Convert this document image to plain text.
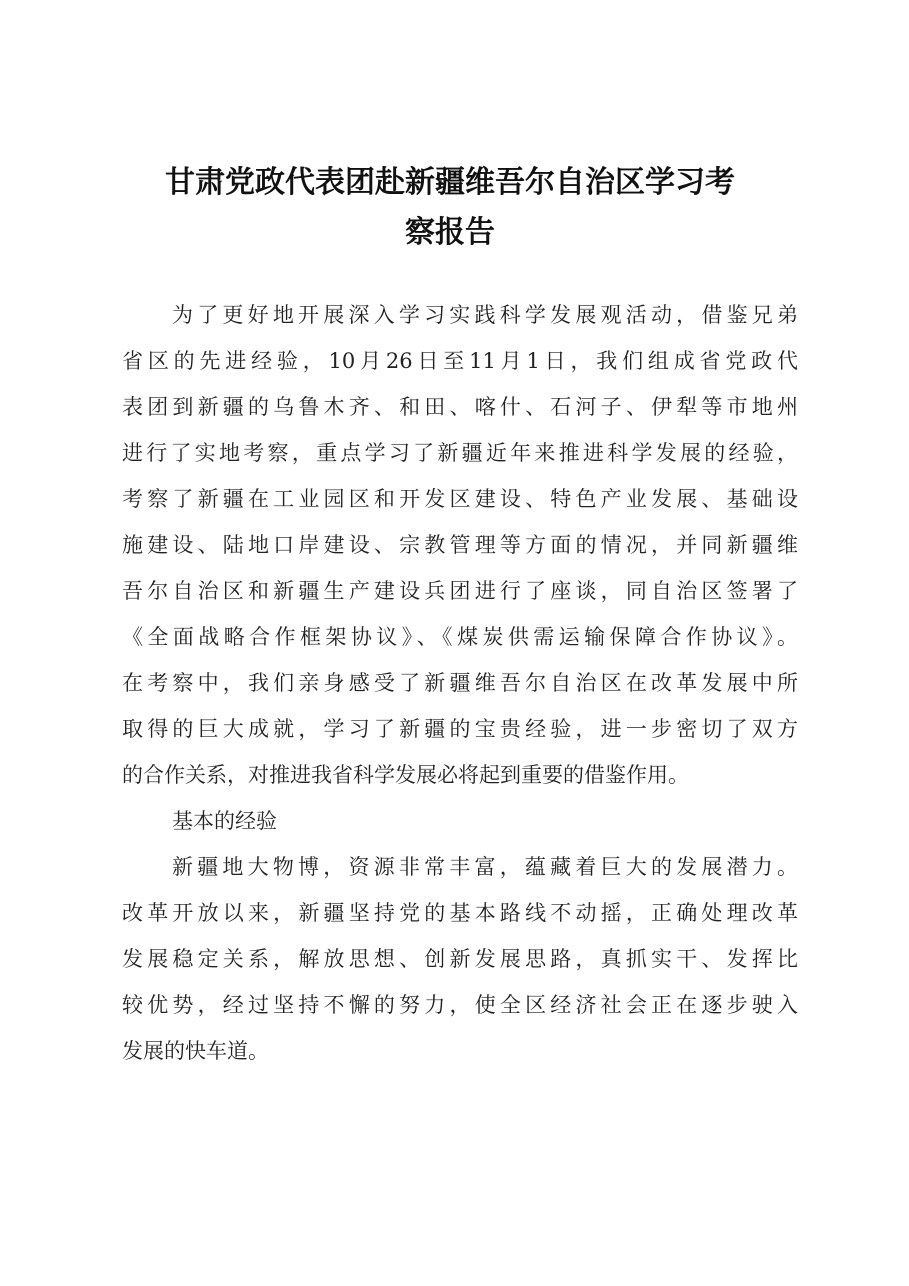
甘肃党政代表团赴新疆维吾尔自治区学习考
察报告
为了更好地开展深入学习实践科学发展观活动，借鉴兄弟
省区的先进经验，10月26日至11月1日，我们组成省党政代
表团到新疆的乌鲁木齐、和田、喀什、石河子、伊犁等市地州
进行了实地考察，重点学习了新疆近年来推进科学发展的经验，
考察了新疆在工业园区和开发区建设、特色产业发展、基础设
施建设、陆地口岸建设、宗教管理等方面的情况，并同新疆维
吾尔自治区和新疆生产建设兵团进行了座谈，同自治区签署了
《全面战略合作框架协议》、《煤炭供需运输保障合作协议》。
在考察中，我们亲身感受了新疆维吾尔自治区在改革发展中所
取得的巨大成就，学习了新疆的宝贵经验，进一步密切了双方
的合作关系，对推进我省科学发展必将起到重要的借鉴作用。
基本的经验
新疆地大物博，资源非常丰富，蕴藏着巨大的发展潜力。
改革开放以来，新疆坚持党的基本路线不动摇，正确处理改革
发展稳定关系，解放思想、创新发展思路，真抓实干、发挥比
较优势，经过坚持不懈的努力，使全区经济社会正在逐步驶入
发展的快车道。
